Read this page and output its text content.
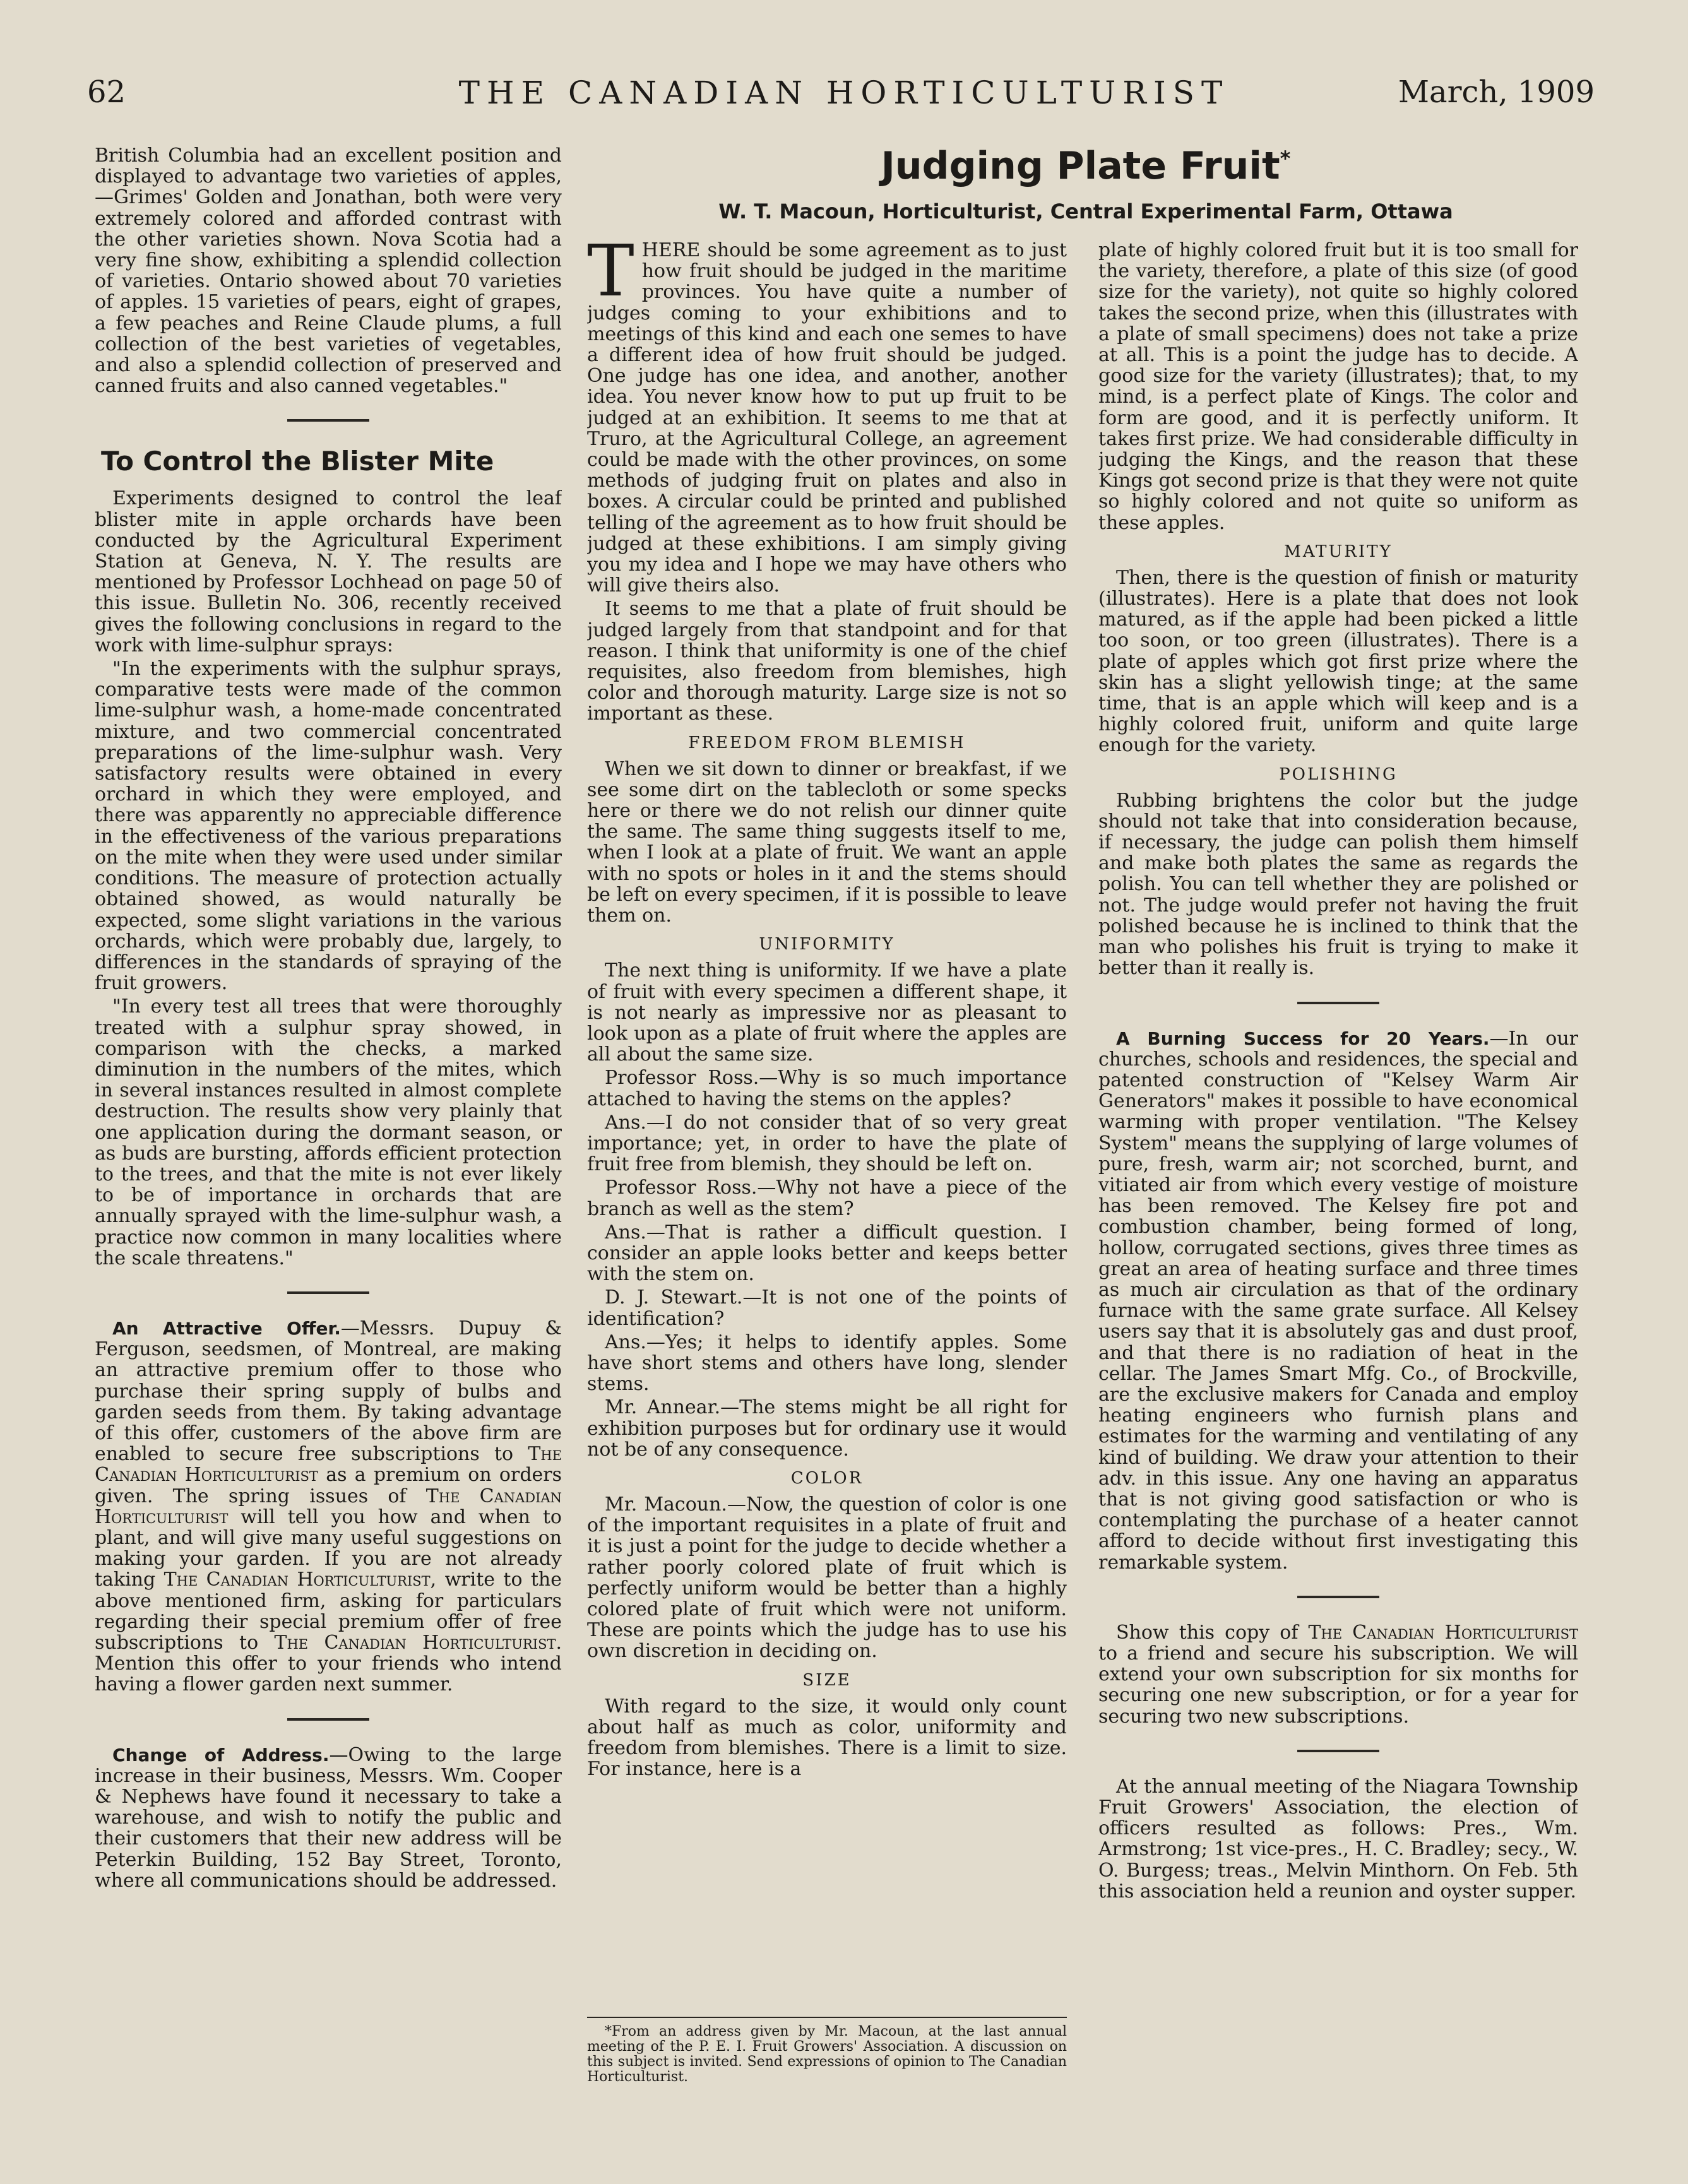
62	THE CANADIAN HORTICULTURIST	March, 1909

British Columbia had an excellent position and displayed to advantage two varieties of apples,—Grimes' Golden and Jonathan, both were very extremely colored and afforded contrast with the other varieties shown. Nova Scotia had a very fine show, exhibiting a splendid collection of varieties. Ontario showed about 70 varieties of apples. 15 varieties of pears, eight of grapes, a few peaches and Reine Claude plums, a full collection of the best varieties of vegetables, and also a splendid collection of preserved and canned fruits and also canned vegetables."

To Control the Blister Mite

Experiments designed to control the leaf blister mite in apple orchards have been conducted by the Agricultural Experiment Station at Geneva, N. Y. The results are mentioned by Professor Lochhead on page 50 of this issue. Bulletin No. 306, recently received gives the following conclusions in regard to the work with lime-sulphur sprays:

"In the experiments with the sulphur sprays, comparative tests were made of the common lime-sulphur wash, a home-made concentrated mixture, and two commercial concentrated preparations of the lime-sulphur wash. Very satisfactory results were obtained in every orchard in which they were employed, and there was apparently no appreciable difference in the effectiveness of the various preparations on the mite when they were used under similar conditions. The measure of protection actually obtained showed, as would naturally be expected, some slight variations in the various orchards, which were probably due, largely, to differences in the standards of spraying of the fruit growers.

"In every test all trees that were thoroughly treated with a sulphur spray showed, in comparison with the checks, a marked diminution in the numbers of the mites, which in several instances resulted in almost complete destruction. The results show very plainly that one application during the dormant season, or as buds are bursting, affords efficient protection to the trees, and that the mite is not ever likely to be of importance in orchards that are annually sprayed with the lime-sulphur wash, a practice now common in many localities where the scale threatens."

An Attractive Offer.—Messrs. Dupuy & Ferguson, seedsmen, of Montreal, are making an attractive premium offer to those who purchase their spring supply of bulbs and garden seeds from them. By taking advantage of this offer, customers of the above firm are enabled to secure free subscriptions to The Canadian Horticulturist as a premium on orders given. The spring issues of The Canadian Horticulturist will tell you how and when to plant, and will give many useful suggestions on making your garden. If you are not already taking The Canadian Horticulturist, write to the above mentioned firm, asking for particulars regarding their special premium offer of free subscriptions to The Canadian Horticulturist. Mention this offer to your friends who intend having a flower garden next summer.

Change of Address.—Owing to the large increase in their business, Messrs. Wm. Cooper & Nephews have found it necessary to take a warehouse, and wish to notify the public and their customers that their new address will be Peterkin Building, 152 Bay Street, Toronto, where all communications should be addressed.

Judging Plate Fruit*
W. T. Macoun, Horticulturist, Central Experimental Farm, Ottawa

THERE should be some agreement as to just how fruit should be judged in the maritime provinces. You have quite a number of judges coming to your exhibitions and to meetings of this kind and each one semes to have a different idea of how fruit should be judged. One judge has one idea, and another, another idea. You never know how to put up fruit to be judged at an exhibition. It seems to me that at Truro, at the Agricultural College, an agreement could be made with the other provinces, on some methods of judging fruit on plates and also in boxes. A circular could be printed and published telling of the agreement as to how fruit should be judged at these exhibitions. I am simply giving you my idea and I hope we may have others who will give theirs also.

It seems to me that a plate of fruit should be judged largely from that standpoint and for that reason. I think that uniformity is one of the chief requisites, also freedom from blemishes, high color and thorough maturity. Large size is not so important as these.

FREEDOM FROM BLEMISH

When we sit down to dinner or breakfast, if we see some dirt on the tablecloth or some specks here or there we do not relish our dinner quite the same. The same thing suggests itself to me, when I look at a plate of fruit. We want an apple with no spots or holes in it and the stems should be left on every specimen, if it is possible to leave them on.

UNIFORMITY

The next thing is uniformity. If we have a plate of fruit with every specimen a different shape, it is not nearly as impressive nor as pleasant to look upon as a plate of fruit where the apples are all about the same size.

Professor Ross.—Why is so much importance attached to having the stems on the apples?

Ans.—I do not consider that of so very great importance; yet, in order to have the plate of fruit free from blemish, they should be left on.

Professor Ross.—Why not have a piece of the branch as well as the stem?

Ans.—That is rather a difficult question. I consider an apple looks better and keeps better with the stem on.

D. J. Stewart.—It is not one of the points of identification?

Ans.—Yes; it helps to identify apples. Some have short stems and others have long, slender stems.

Mr. Annear.—The stems might be all right for exhibition purposes but for ordinary use it would not be of any consequence.

COLOR

Mr. Macoun.—Now, the question of color is one of the important requisites in a plate of fruit and it is just a point for the judge to decide whether a rather poorly colored plate of fruit which is perfectly uniform would be better than a highly colored plate of fruit which were not uniform. These are points which the judge has to use his own discretion in deciding on.

SIZE

With regard to the size, it would only count about half as much as color, uniformity and freedom from blemishes. There is a limit to size. For instance, here is a

*From an address given by Mr. Macoun, at the last annual meeting of the P. E. I. Fruit Growers' Association. A discussion on this subject is invited. Send expressions of opinion to The Canadian Horticulturist.

plate of highly colored fruit but it is too small for the variety, therefore, a plate of this size (of good size for the variety), not quite so highly colored takes the second prize, when this (illustrates with a plate of small specimens) does not take a prize at all. This is a point the judge has to decide. A good size for the variety (illustrates); that, to my mind, is a perfect plate of Kings. The color and form are good, and it is perfectly uniform. It takes first prize. We had considerable difficulty in judging the Kings, and the reason that these Kings got second prize is that they were not quite so highly colored and not quite so uniform as these apples.

MATURITY

Then, there is the question of finish or maturity (illustrates). Here is a plate that does not look matured, as if the apple had been picked a little too soon, or too green (illustrates). There is a plate of apples which got first prize where the skin has a slight yellowish tinge; at the same time, that is an apple which will keep and is a highly colored fruit, uniform and quite large enough for the variety.

POLISHING

Rubbing brightens the color but the judge should not take that into consideration because, if necessary, the judge can polish them himself and make both plates the same as regards the polish. You can tell whether they are polished or not. The judge would prefer not having the fruit polished because he is inclined to think that the man who polishes his fruit is trying to make it better than it really is.

A Burning Success for 20 Years.—In our churches, schools and residences, the special and patented construction of "Kelsey Warm Air Generators" makes it possible to have economical warming with proper ventilation. "The Kelsey System" means the supplying of large volumes of pure, fresh, warm air; not scorched, burnt, and vitiated air from which every vestige of moisture has been removed. The Kelsey fire pot and combustion chamber, being formed of long, hollow, corrugated sections, gives three times as great an area of heating surface and three times as much air circulation as that of the ordinary furnace with the same grate surface. All Kelsey users say that it is absolutely gas and dust proof, and that there is no radiation of heat in the cellar. The James Smart Mfg. Co., of Brockville, are the exclusive makers for Canada and employ heating engineers who furnish plans and estimates for the warming and ventilating of any kind of building. We draw your attention to their adv. in this issue. Any one having an apparatus that is not giving good satisfaction or who is contemplating the purchase of a heater cannot afford to decide without first investigating this remarkable system.

Show this copy of The Canadian Horticulturist to a friend and secure his subscription. We will extend your own subscription for six months for securing one new subscription, or for a year for securing two new subscriptions.

At the annual meeting of the Niagara Township Fruit Growers' Association, the election of officers resulted as follows: Pres., Wm. Armstrong; 1st vice-pres., H. C. Bradley; secy., W. O. Burgess; treas., Melvin Minthorn. On Feb. 5th this association held a reunion and oyster supper.
